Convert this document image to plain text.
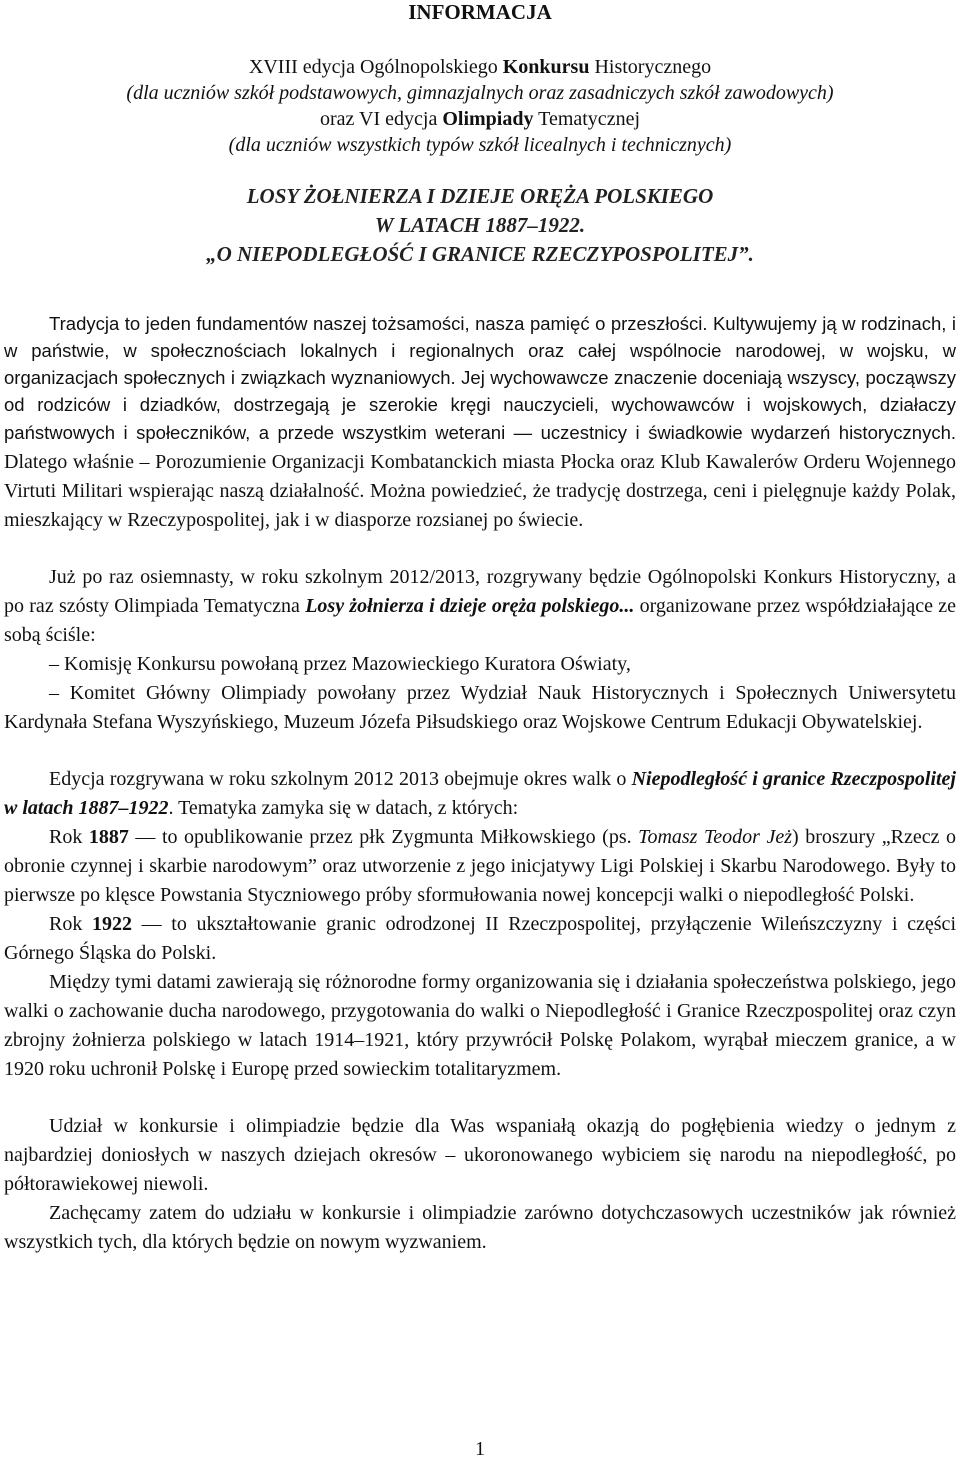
INFORMACJA
XVIII edycja Ogólnopolskiego Konkursu Historycznego
(dla uczniów szkół podstawowych, gimnazjalnych oraz zasadniczych szkół zawodowych)
oraz VI edycja Olimpiady Tematycznej
(dla uczniów wszystkich typów szkół licealnych i technicznych)
LOSY ŻOŁNIERZA I DZIEJE ORĘŻA POLSKIEGO
W LATACH 1887–1922.
„O NIEPODLEGŁOŚĆ I GRANICE RZECZYPOSPOLITEJ”.

Tradycja to jeden fundamentów naszej tożsamości, nasza pamięć o przeszłości. Kultywujemy ją w rodzinach, i w państwie, w społecznościach lokalnych i regionalnych oraz całej wspólnocie narodowej, w wojsku, w organizacjach społecznych i związkach wyznaniowych. Jej wychowawcze znaczenie doceniają wszyscy, począwszy od rodziców i dziadków, dostrzegają je szerokie kręgi nauczycieli, wychowawców i wojskowych, działaczy państwowych i społeczników, a przede wszystkim weterani — uczestnicy i świadkowie wydarzeń historycznych. Dlatego właśnie – Porozumienie Organizacji Kombatanckich miasta Płocka oraz Klub Kawalerów Orderu Wojennego Virtuti Militari wspierając naszą działalność. Można powiedzieć, że tradycję dostrzega, ceni i pielęgnuje każdy Polak, mieszkający w Rzeczypospolitej, jak i w diasporze rozsianej po świecie.

Już po raz osiemnasty, w roku szkolnym 2012/2013, rozgrywany będzie Ogólnopolski Konkurs Historyczny, a po raz szósty Olimpiada Tematyczna Losy żołnierza i dzieje oręża polskiego... organizowane przez współdziałające ze sobą ściśle:

– Komisję Konkursu powołaną przez Mazowieckiego Kuratora Oświaty,

– Komitet Główny Olimpiady powołany przez Wydział Nauk Historycznych i Społecznych Uniwersytetu Kardynała Stefana Wyszyńskiego, Muzeum Józefa Piłsudskiego oraz Wojskowe Centrum Edukacji Obywatelskiej.

Edycja rozgrywana w roku szkolnym 2012 2013 obejmuje okres walk o Niepodległość i granice Rzeczpospolitej w latach 1887–1922. Tematyka zamyka się w datach, z których:

Rok 1887 — to opublikowanie przez płk Zygmunta Miłkowskiego (ps. Tomasz Teodor Jeż) broszury „Rzecz o obronie czynnej i skarbie narodowym” oraz utworzenie z jego inicjatywy Ligi Polskiej i Skarbu Narodowego. Były to pierwsze po klęsce Powstania Styczniowego próby sformułowania nowej koncepcji walki o niepodległość Polski.

Rok 1922 — to ukształtowanie granic odrodzonej II Rzeczpospolitej, przyłączenie Wileńszczyzny i części Górnego Śląska do Polski.

Między tymi datami zawierają się różnorodne formy organizowania się i działania społeczeństwa polskiego, jego walki o zachowanie ducha narodowego, przygotowania do walki o Niepodległość i Granice Rzeczpospolitej oraz czyn zbrojny żołnierza polskiego w latach 1914–1921, który przywrócił Polskę Polakom, wyrąbał mieczem granice, a w 1920 roku uchronił Polskę i Europę przed sowieckim totalitaryzmem.

Udział w konkursie i olimpiadzie będzie dla Was wspaniałą okazją do pogłębienia wiedzy o jednym z najbardziej doniosłych w naszych dziejach okresów – ukoronowanego wybiciem się narodu na niepodległość, po półtorawiekowej niewoli.

Zachęcamy zatem do udziału w konkursie i olimpiadzie zarówno dotychczasowych uczestników jak również wszystkich tych, dla których będzie on nowym wyzwaniem.

1
